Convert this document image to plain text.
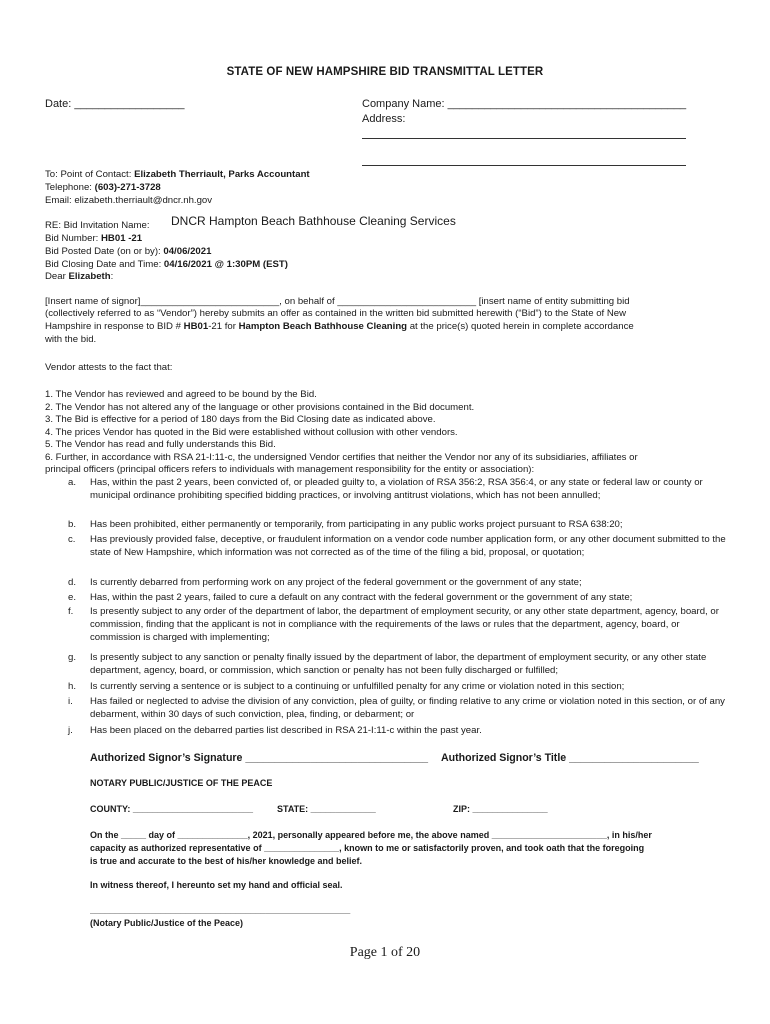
STATE OF NEW HAMPSHIRE BID TRANSMITTAL LETTER
Date: __________________	Company Name: _______________________________________
Address:
To: Point of Contact: Elizabeth Therriault, Parks Accountant
Telephone: (603)-271-3728
Email: elizabeth.therriault@dncr.nh.gov
RE: Bid Invitation Name: DNCR Hampton Beach Bathhouse Cleaning Services
Bid Number: HB01 -21
Bid Posted Date (on or by): 04/06/2021
Bid Closing Date and Time: 04/16/2021 @ 1:30PM (EST)
Dear Elizabeth:
[Insert name of signor]__________________________, on behalf of __________________________ [insert name of entity submitting bid
(collectively referred to as “Vendor”) hereby submits an offer as contained in the written bid submitted herewith (“Bid”) to the State of New
Hampshire in response to BID # HB01-21 for Hampton Beach Bathhouse Cleaning at the price(s) quoted herein in complete accordance
with the bid.
Vendor attests to the fact that:
1. The Vendor has reviewed and agreed to be bound by the Bid.
2. The Vendor has not altered any of the language or other provisions contained in the Bid document.
3. The Bid is effective for a period of 180 days from the Bid Closing date as indicated above.
4. The prices Vendor has quoted in the Bid were established without collusion with other vendors.
5. The Vendor has read and fully understands this Bid.
6. Further, in accordance with RSA 21-I:11-c, the undersigned Vendor certifies that neither the Vendor nor any of its subsidiaries, affiliates or
principal officers (principal officers refers to individuals with management responsibility for the entity or association):
a.	Has, within the past 2 years, been convicted of, or pleaded guilty to, a violation of RSA 356:2, RSA 356:4, or any state or federal law or county or municipal ordinance prohibiting specified bidding practices, or involving antitrust violations, which has not been annulled;
b.	Has been prohibited, either permanently or temporarily, from participating in any public works project pursuant to RSA 638:20;
c.	Has previously provided false, deceptive, or fraudulent information on a vendor code number application form, or any other document submitted to the state of New Hampshire, which information was not corrected as of the time of the filing a bid, proposal, or quotation;
d.	Is currently debarred from performing work on any project of the federal government or the government of any state;
e.	Has, within the past 2 years, failed to cure a default on any contract with the federal government or the government of any state;
f.	Is presently subject to any order of the department of labor, the department of employment security, or any other state department, agency, board, or commission, finding that the applicant is not in compliance with the requirements of the laws or rules that the department, agency, board, or commission is charged with implementing;
g.	Is presently subject to any sanction or penalty finally issued by the department of labor, the department of employment security, or any other state department, agency, board, or commission, which sanction or penalty has not been fully discharged or fulfilled;
h.	Is currently serving a sentence or is subject to a continuing or unfulfilled penalty for any crime or violation noted in this section;
i.	Has failed or neglected to advise the division of any conviction, plea of guilty, or finding relative to any crime or violation noted in this section, or of any debarment, within 30 days of such conviction, plea, finding, or debarment; or
j.	Has been placed on the debarred parties list described in RSA 21-I:11-c within the past year.
Authorized Signor’s Signature _______________________________ Authorized Signor’s Title ______________________
NOTARY PUBLIC/JUSTICE OF THE PEACE
COUNTY: ________________________	STATE: _____________	ZIP: _______________
On the _____ day of ______________, 2021, personally appeared before me, the above named _______________________, in his/her
capacity as authorized representative of _______________, known to me or satisfactorily proven, and took oath that the foregoing
is true and accurate to the best of his/her knowledge and belief.
In witness thereof, I hereunto set my hand and official seal.
____________________________________________________
(Notary Public/Justice of the Peace)
Page 1 of 20
